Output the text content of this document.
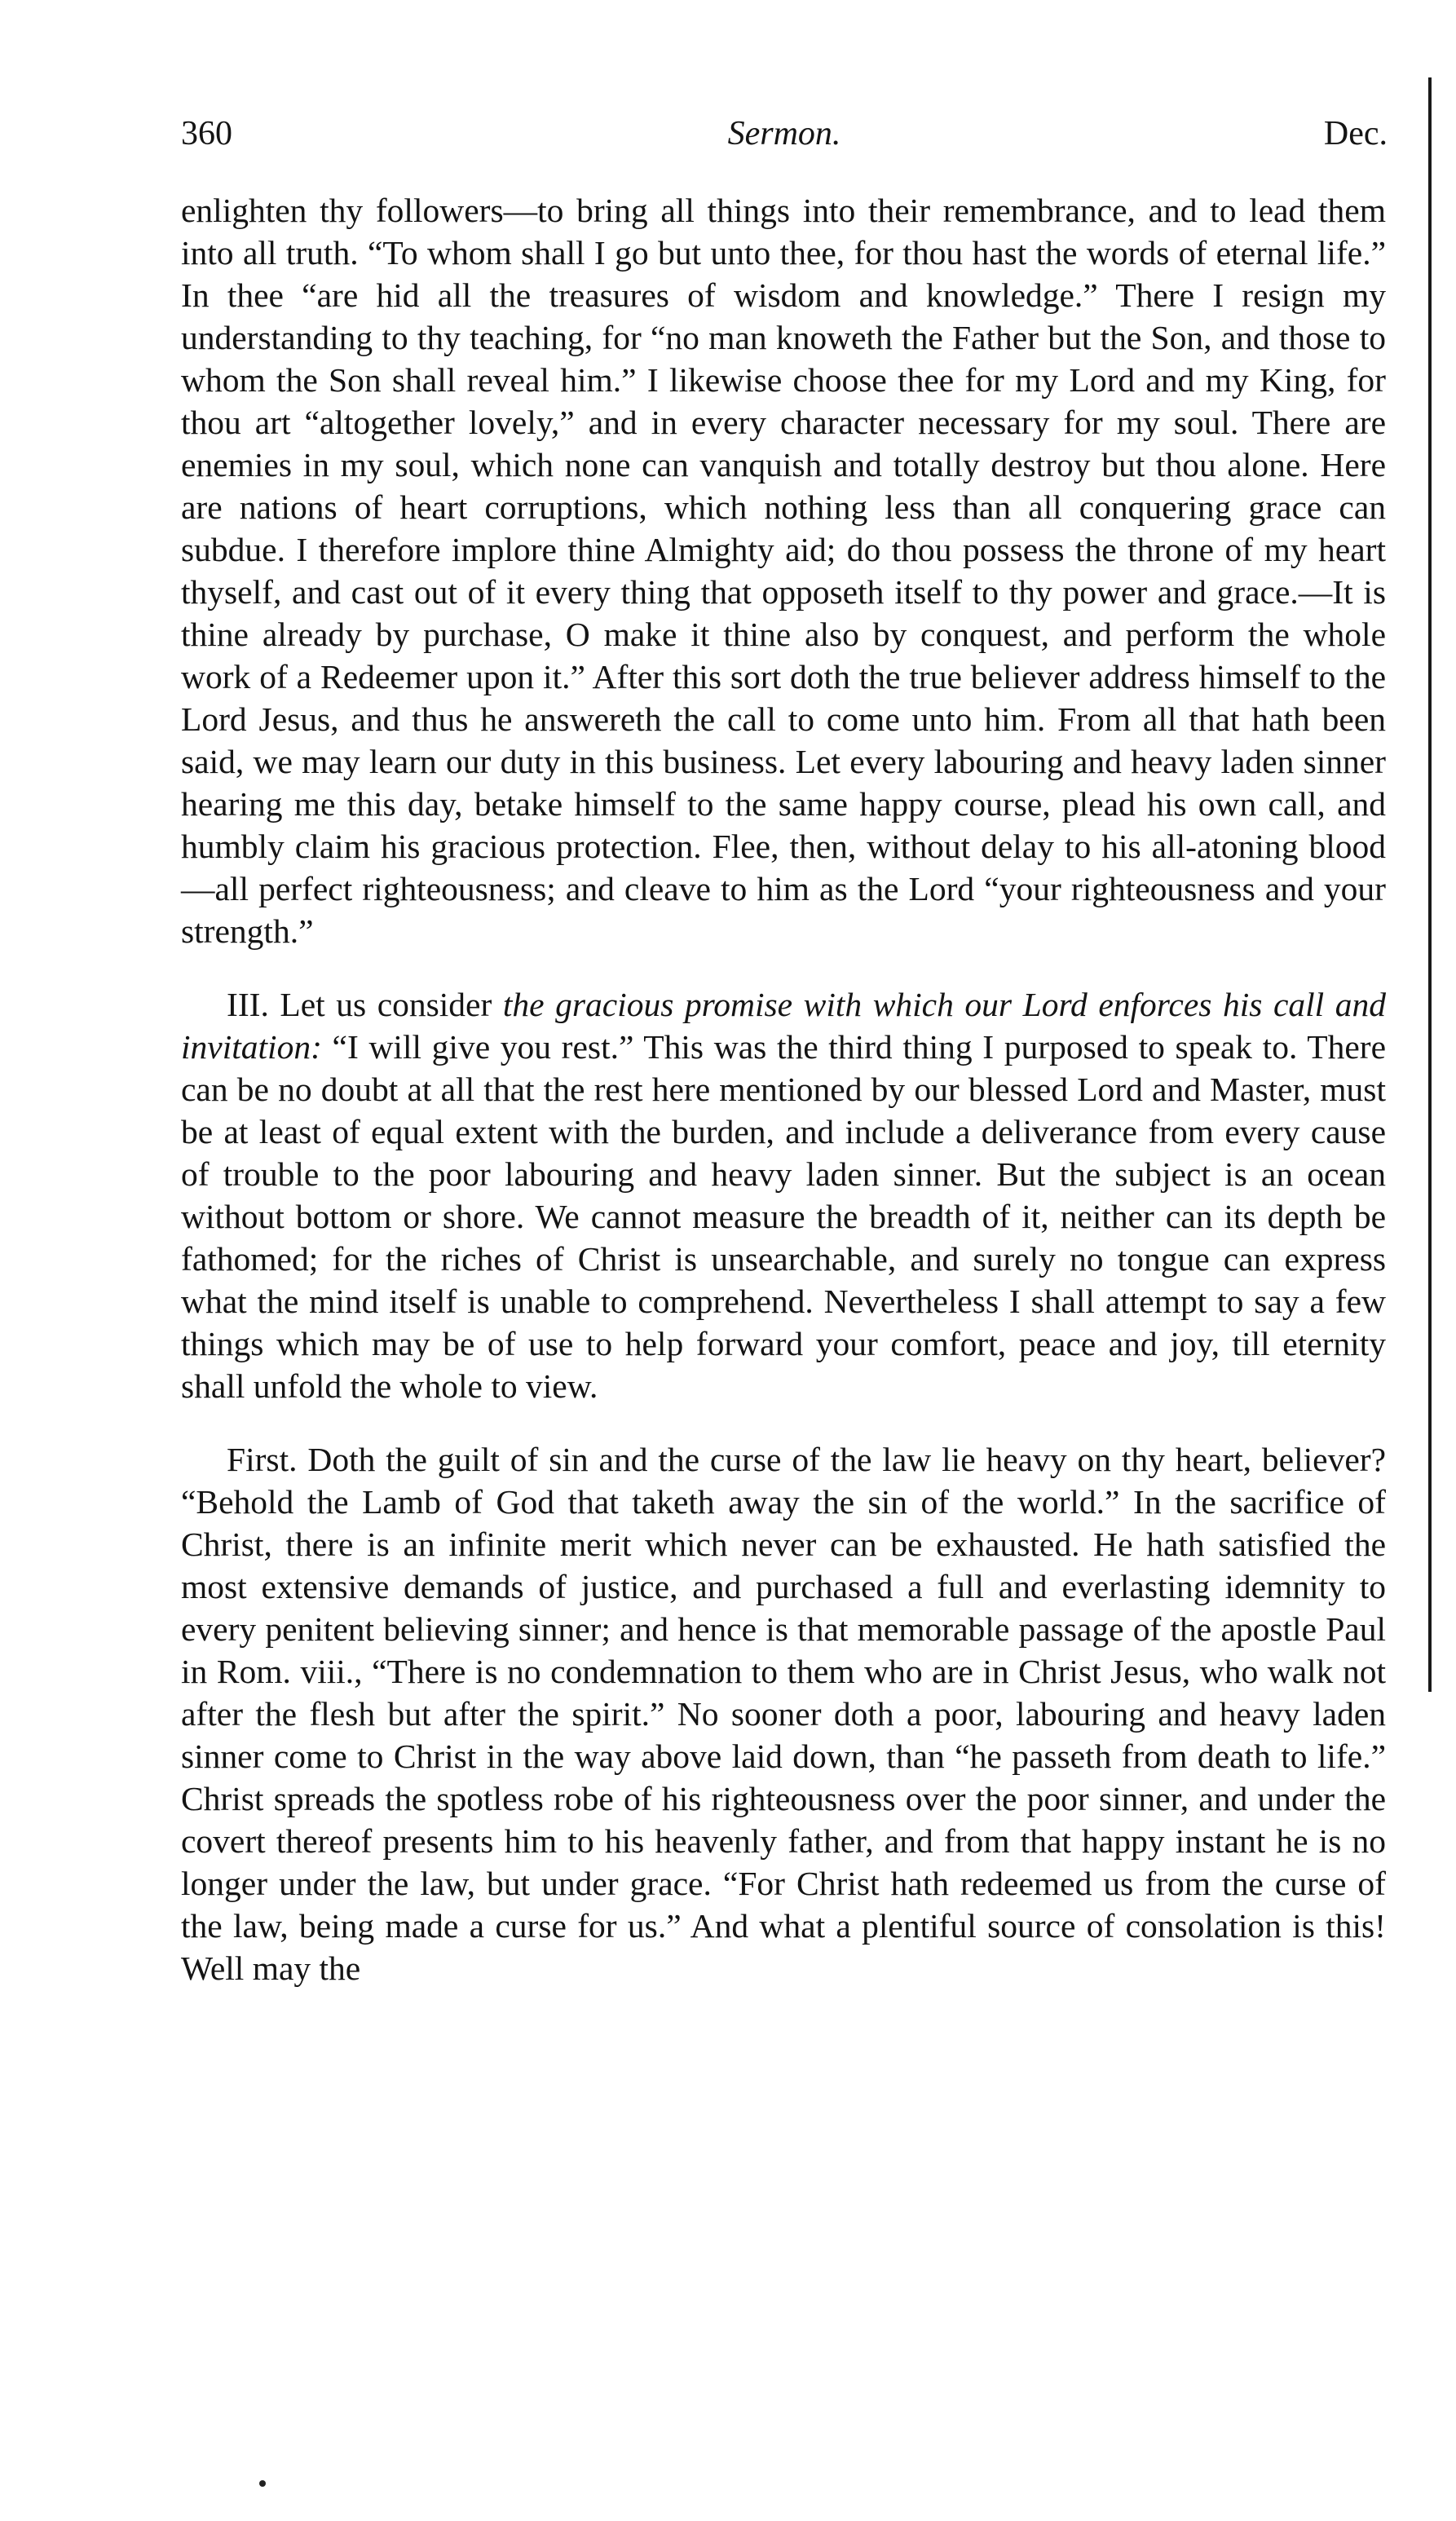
360	Sermon.	Dec.

enlighten thy followers—to bring all things into their remembrance, and to lead them into all truth. “To whom shall I go but unto thee, for thou hast the words of eternal life.” In thee “are hid all the treasures of wisdom and knowledge.” There I resign my understanding to thy teaching, for “no man knoweth the Father but the Son, and those to whom the Son shall reveal him.” I likewise choose thee for my Lord and my King, for thou art “altogether lovely,” and in every character necessary for my soul. There are enemies in my soul, which none can vanquish and totally destroy but thou alone. Here are nations of heart corruptions, which nothing less than all conquering grace can subdue. I therefore implore thine Almighty aid; do thou possess the throne of my heart thyself, and cast out of it every thing that opposeth itself to thy power and grace.—It is thine already by purchase, O make it thine also by conquest, and perform the whole work of a Redeemer upon it.” After this sort doth the true believer address himself to the Lord Jesus, and thus he answereth the call to come unto him. From all that hath been said, we may learn our duty in this business. Let every labouring and heavy laden sinner hearing me this day, betake himself to the same happy course, plead his own call, and humbly claim his gracious protection. Flee, then, without delay to his all-atoning blood—all perfect righteousness; and cleave to him as the Lord “your righteousness and your strength.”

III. Let us consider the gracious promise with which our Lord enforces his call and invitation: “I will give you rest.” This was the third thing I purposed to speak to. There can be no doubt at all that the rest here mentioned by our blessed Lord and Master, must be at least of equal extent with the burden, and include a deliverance from every cause of trouble to the poor labouring and heavy laden sinner. But the subject is an ocean without bottom or shore. We cannot measure the breadth of it, neither can its depth be fathomed; for the riches of Christ is unsearchable, and surely no tongue can express what the mind itself is unable to comprehend. Nevertheless I shall attempt to say a few things which may be of use to help forward your comfort, peace and joy, till eternity shall unfold the whole to view.

First. Doth the guilt of sin and the curse of the law lie heavy on thy heart, believer? “Behold the Lamb of God that taketh away the sin of the world.” In the sacrifice of Christ, there is an infinite merit which never can be exhausted. He hath satisfied the most extensive demands of justice, and purchased a full and everlasting idemnity to every penitent believing sinner; and hence is that memorable passage of the apostle Paul in Rom. viii., “There is no condemnation to them who are in Christ Jesus, who walk not after the flesh but after the spirit.” No sooner doth a poor, labouring and heavy laden sinner come to Christ in the way above laid down, than “he passeth from death to life.” Christ spreads the spotless robe of his righteousness over the poor sinner, and under the covert thereof presents him to his heavenly father, and from that happy instant he is no longer under the law, but under grace. “For Christ hath redeemed us from the curse of the law, being made a curse for us.” And what a plentiful source of consolation is this! Well may the
